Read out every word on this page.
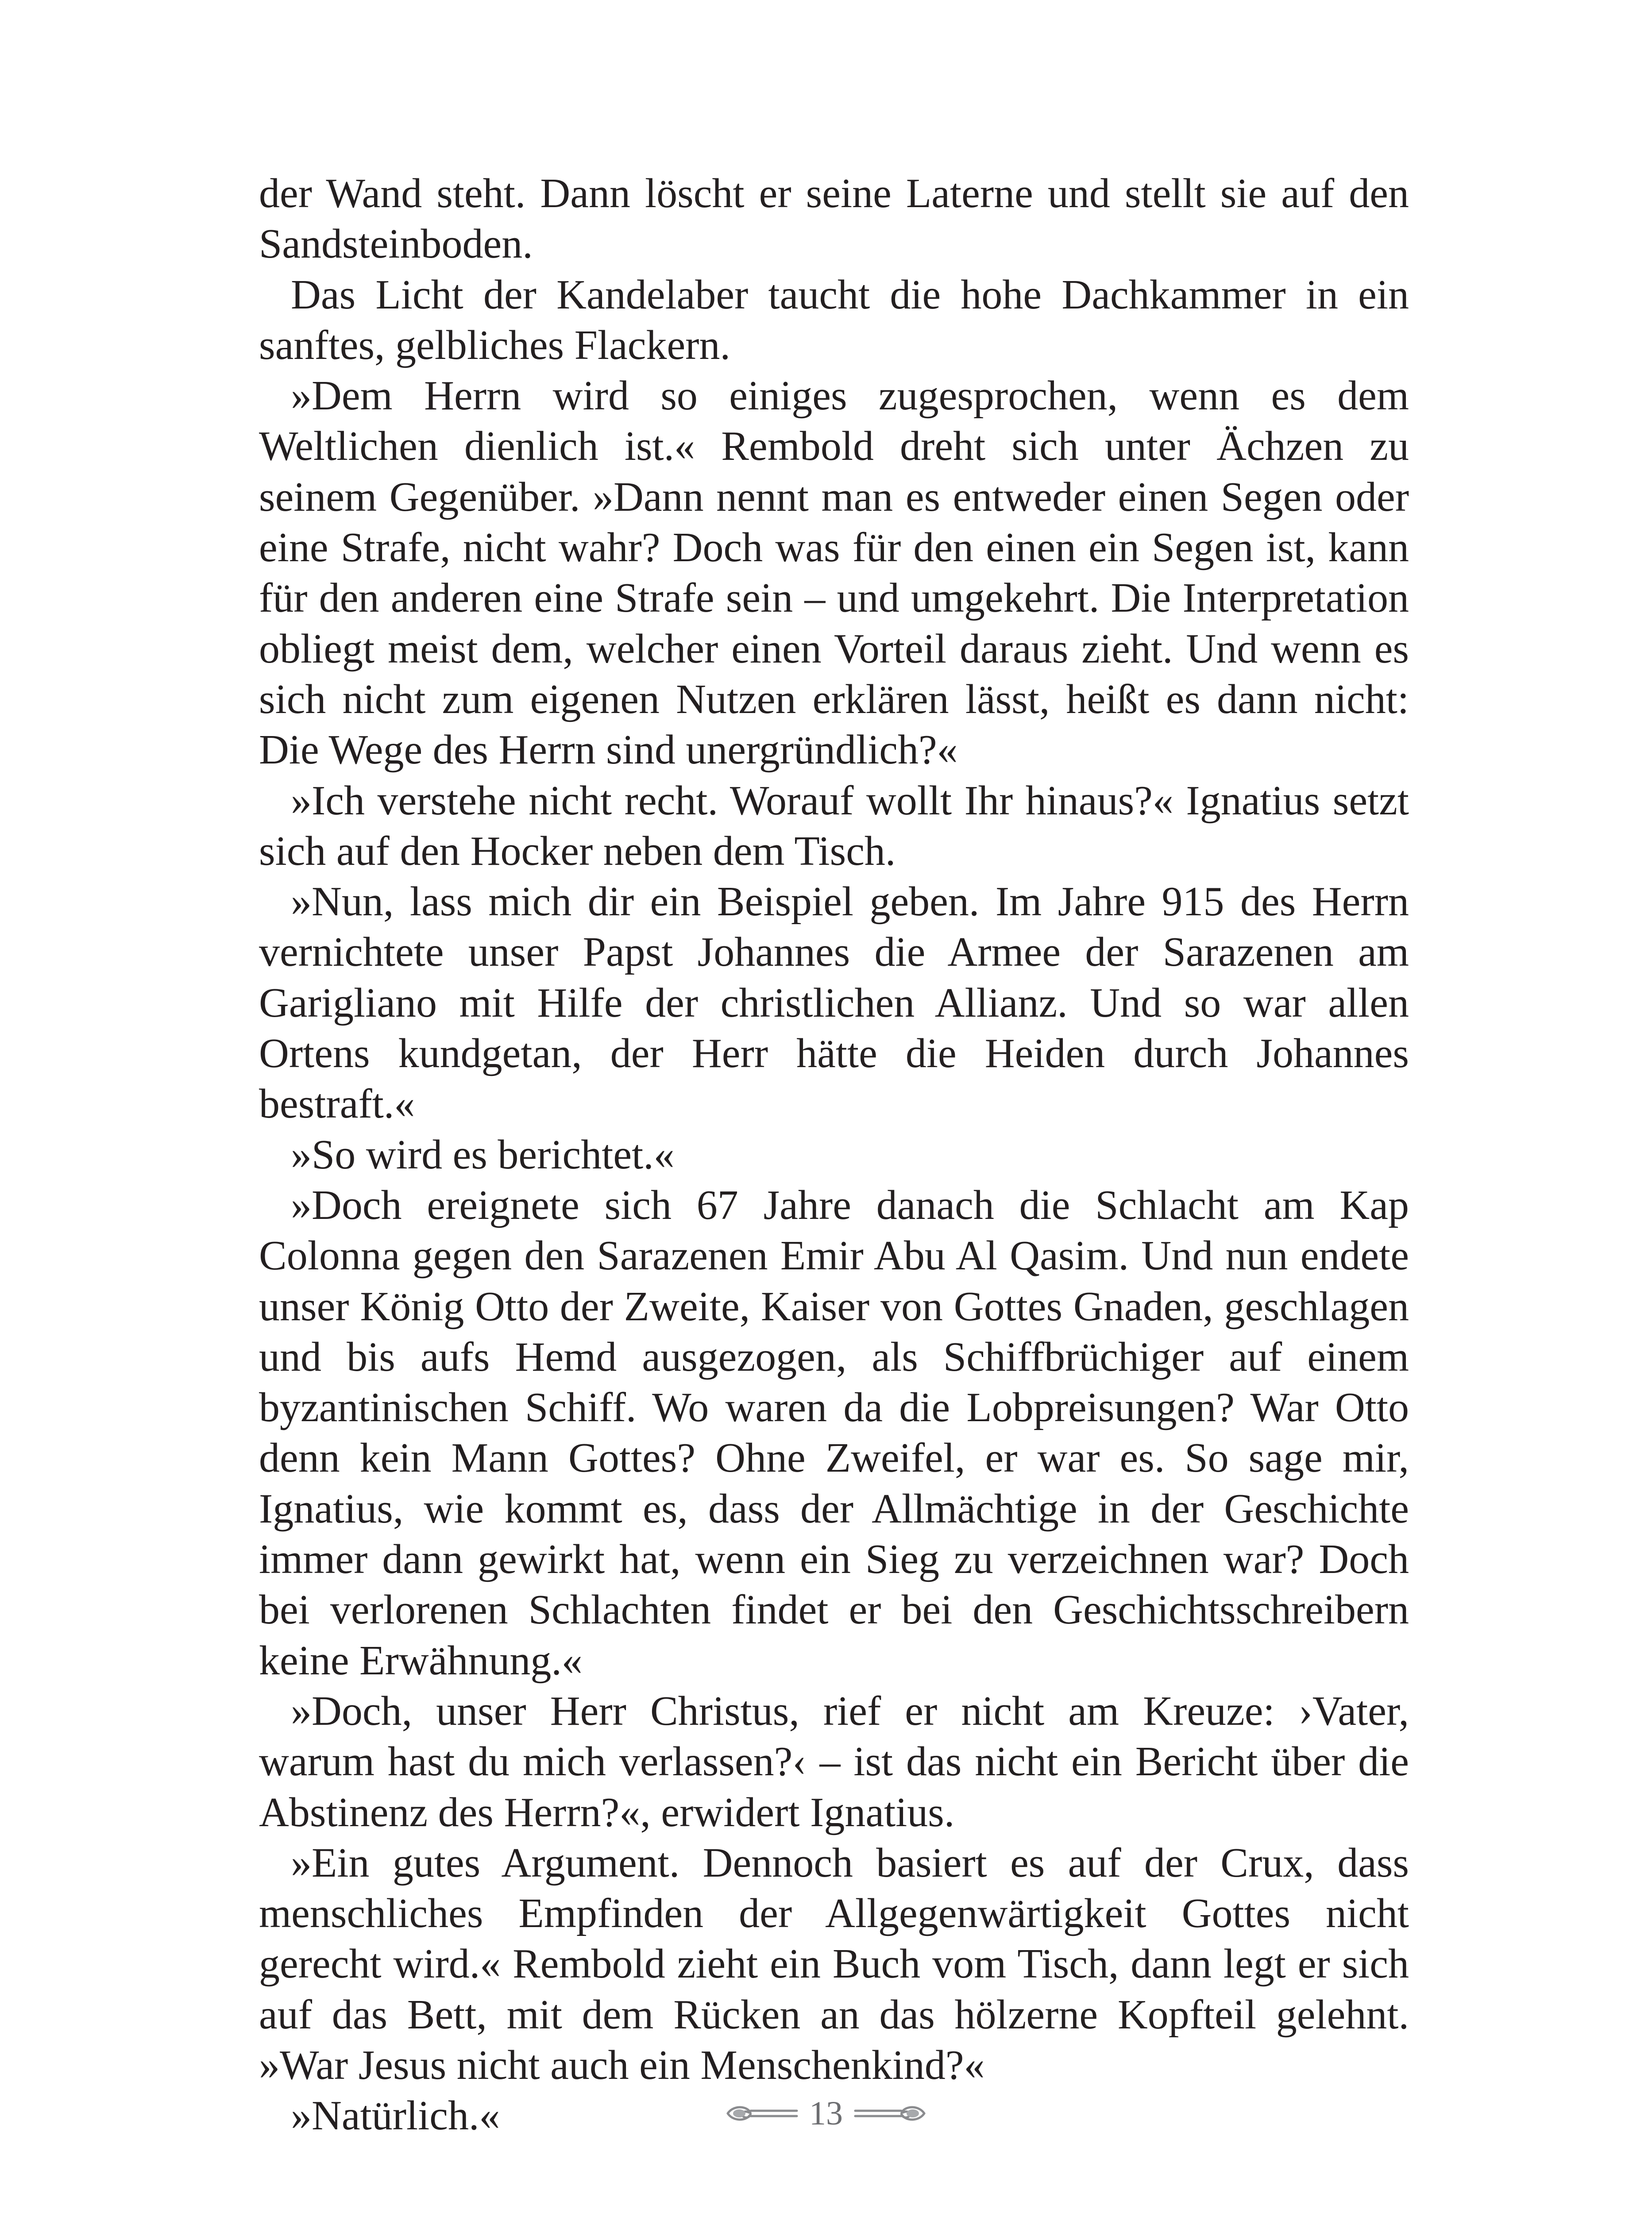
der Wand steht. Dann löscht er seine Laterne und stellt sie auf den Sandsteinboden.

Das Licht der Kandelaber taucht die hohe Dachkammer in ein sanftes, gelbliches Flackern.

»Dem Herrn wird so einiges zugesprochen, wenn es dem Weltlichen dienlich ist.« Rembold dreht sich unter Ächzen zu seinem Gegenüber. »Dann nennt man es entweder einen Segen oder eine Strafe, nicht wahr? Doch was für den einen ein Segen ist, kann für den anderen eine Strafe sein – und umgekehrt. Die Interpretation obliegt meist dem, welcher einen Vorteil daraus zieht. Und wenn es sich nicht zum eigenen Nutzen erklären lässt, heißt es dann nicht: Die Wege des Herrn sind unergründlich?«

»Ich verstehe nicht recht. Worauf wollt Ihr hinaus?« Ignatius setzt sich auf den Hocker neben dem Tisch.

»Nun, lass mich dir ein Beispiel geben. Im Jahre 915 des Herrn vernichtete unser Papst Johannes die Armee der Sarazenen am Garigliano mit Hilfe der christlichen Allianz. Und so war allen Ortens kundgetan, der Herr hätte die Heiden durch Johannes bestraft.«

»So wird es berichtet.«

»Doch ereignete sich 67 Jahre danach die Schlacht am Kap Colonna gegen den Sarazenen Emir Abu Al Qasim. Und nun endete unser König Otto der Zweite, Kaiser von Gottes Gnaden, geschlagen und bis aufs Hemd ausgezogen, als Schiffbrüchiger auf einem byzantinischen Schiff. Wo waren da die Lobpreisungen? War Otto denn kein Mann Gottes? Ohne Zweifel, er war es. So sage mir, Ignatius, wie kommt es, dass der Allmächtige in der Geschichte immer dann gewirkt hat, wenn ein Sieg zu verzeichnen war? Doch bei verlorenen Schlachten findet er bei den Geschichtsschreibern keine Erwähnung.«

»Doch, unser Herr Christus, rief er nicht am Kreuze: ›Vater, warum hast du mich verlassen?‹ – ist das nicht ein Bericht über die Abstinenz des Herrn?«, erwidert Ignatius.

»Ein gutes Argument. Dennoch basiert es auf der Crux, dass menschliches Empfinden der Allgegenwärtigkeit Gottes nicht gerecht wird.« Rembold zieht ein Buch vom Tisch, dann legt er sich auf das Bett, mit dem Rücken an das hölzerne Kopfteil gelehnt. »War Jesus nicht auch ein Menschenkind?«

»Natürlich.«	13
